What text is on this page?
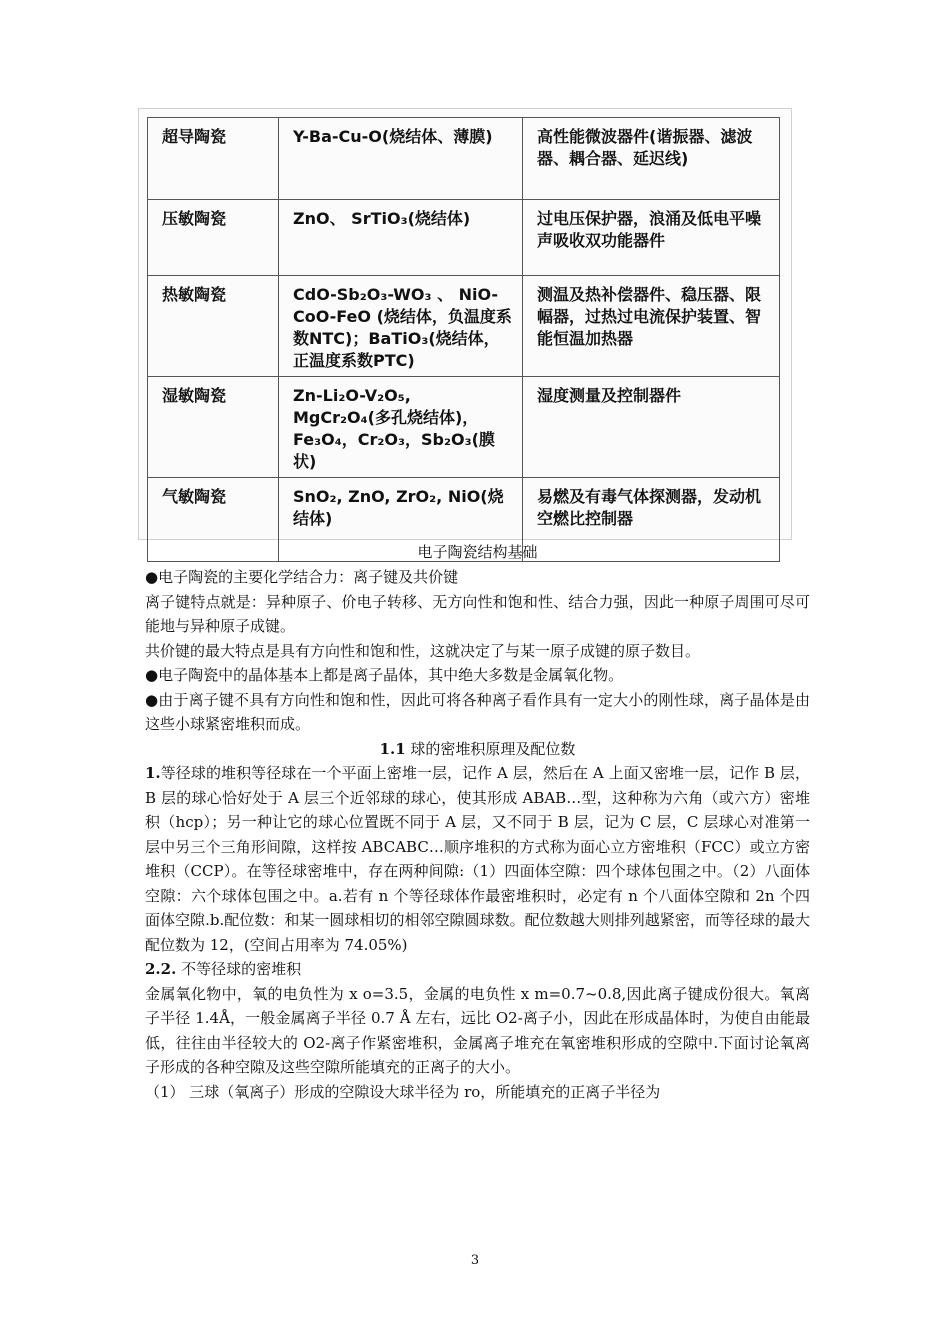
超导陶瓷	Y-Ba-Cu-O(烧结体、薄膜)	高性能微波器件(谐振器、滤波器、耦合器、延迟线)
压敏陶瓷	ZnO、 SrTiO₃(烧结体)	过电压保护器，浪涌及低电平噪声吸收双功能器件
热敏陶瓷	CdO-Sb₂O₃-WO₃ 、 NiO-CoO-FeO (烧结体，负温度系数NTC)；BaTiO₃(烧结体，正温度系数PTC)	测温及热补偿器件、稳压器、限幅器，过热过电流保护装置、智能恒温加热器
湿敏陶瓷	Zn-Li₂O-V₂O₅, MgCr₂O₄(多孔烧结体)，Fe₃O₄，Cr₂O₃，Sb₂O₃(膜状)	湿度测量及控制器件
气敏陶瓷	SnO₂, ZnO, ZrO₂, NiO(烧结体)	易燃及有毒气体探测器，发动机空燃比控制器
电子陶瓷结构基础

●电子陶瓷的主要化学结合力：离子键及共价键

离子键特点就是：异种原子、价电子转移、无方向性和饱和性、结合力强，因此一种原子周围可尽可能地与异种原子成键。

共价键的最大特点是具有方向性和饱和性，这就决定了与某一原子成键的原子数目。

●电子陶瓷中的晶体基本上都是离子晶体，其中绝大多数是金属氧化物。

●由于离子键不具有方向性和饱和性，因此可将各种离子看作具有一定大小的刚性球，离子晶体是由这些小球紧密堆积而成。

1.1 球的密堆积原理及配位数

1.等径球的堆积等径球在一个平面上密堆一层，记作 A 层，然后在 A 上面又密堆一层，记作 B 层，B 层的球心恰好处于 A 层三个近邻球的球心，使其形成 ABAB…型，这种称为六角（或六方）密堆积（hcp）；另一种让它的球心位置既不同于 A 层，又不同于 B 层，记为 C 层，C 层球心对准第一层中另三个三角形间隙，这样按 ABCABC…顺序堆积的方式称为面心立方密堆积（FCC）或立方密堆积（CCP）。在等径球密堆中，存在两种间隙:（1）四面体空隙：四个球体包围之中。（2）八面体空隙：六个球体包围之中。a.若有 n 个等径球体作最密堆积时，必定有 n 个八面体空隙和 2n 个四面体空隙.b.配位数：和某一圆球相切的相邻空隙圆球数。配位数越大则排列越紧密，而等径球的最大配位数为 12，(空间占用率为 74.05%)

2.2. 不等径球的密堆积

金属氧化物中，氧的电负性为 x o=3.5，金属的电负性 x m=0.7~0.8,因此离子键成份很大。氧离子半径 1.4Å，一般金属离子半径 0.7 Å 左右，远比 O2-离子小，因此在形成晶体时，为使自由能最低，往往由半径较大的 O2-离子作紧密堆积，金属离子堆充在氧密堆积形成的空隙中.下面讨论氧离子形成的各种空隙及这些空隙所能填充的正离子的大小。

（1） 三球（氧离子）形成的空隙设大球半径为 ro，所能填充的正离子半径为

3
